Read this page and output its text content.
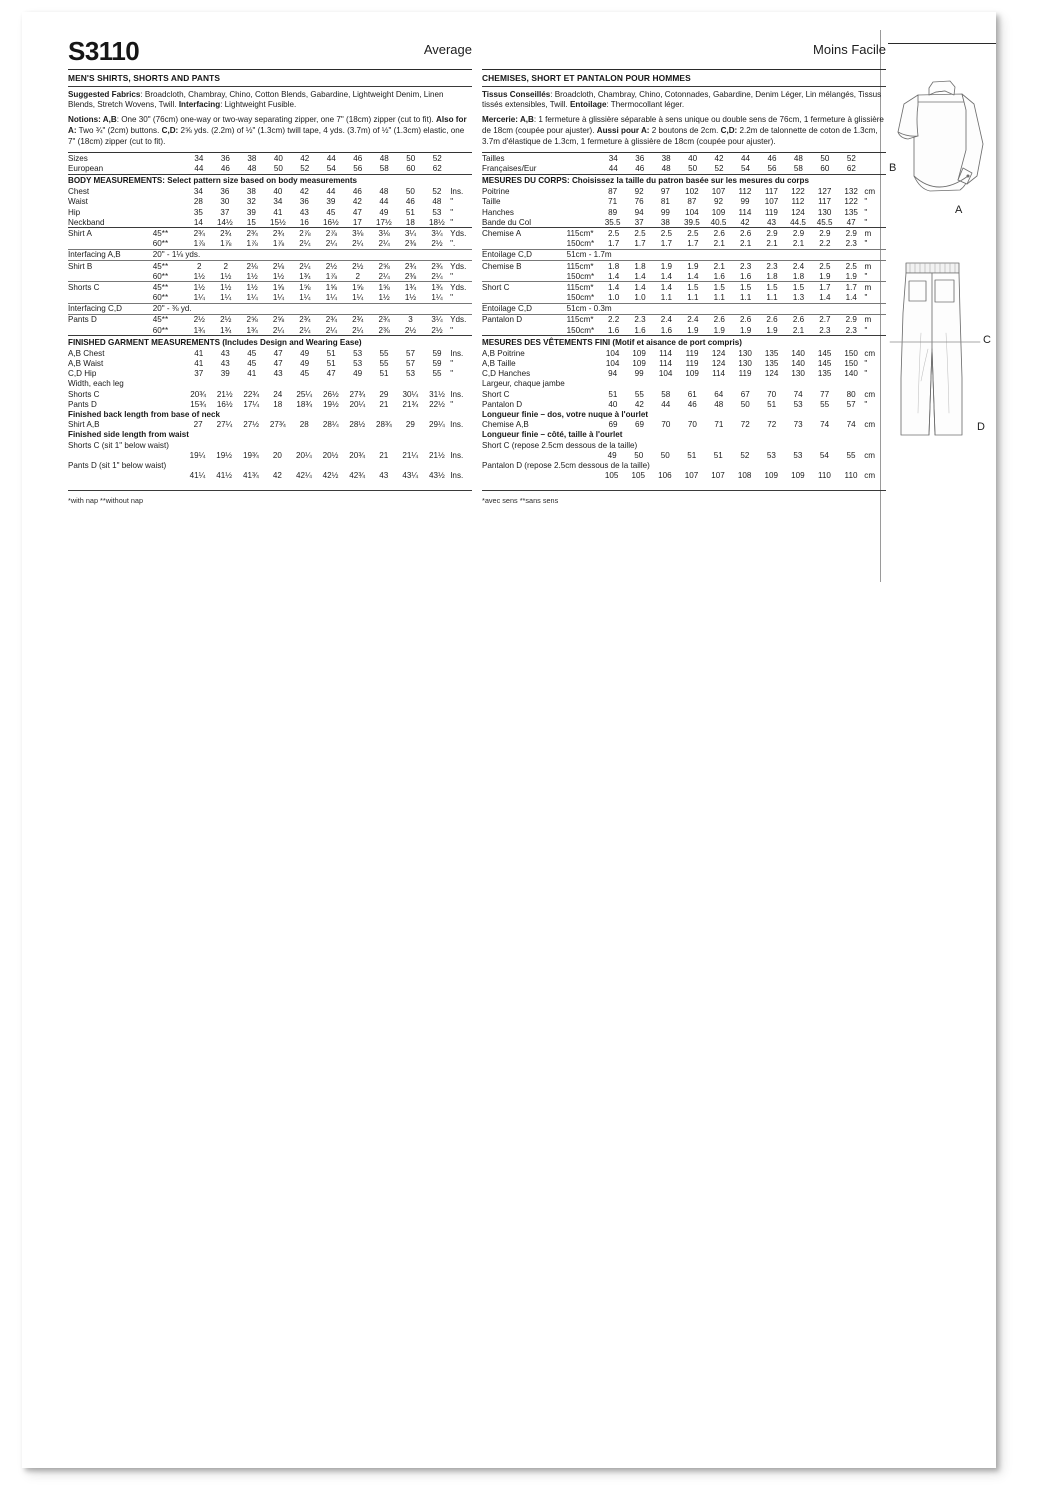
S3110	Average
MEN'S SHIRTS, SHORTS AND PANTS
Suggested Fabrics: Broadcloth, Chambray, Chino, Cotton Blends, Gabardine, Lightweight Denim, Linen Blends, Stretch Wovens, Twill. Interfacing: Lightweight Fusible.
Notions: A,B: One 30" (76cm) one-way or two-way separating zipper, one 7" (18cm) zipper (cut to fit). Also for A: Two ¾" (2cm) buttons. C,D: 2⅝ yds. (2.2m) of ½" (1.3cm) twill tape, 4 yds. (3.7m) of ½" (1.3cm) elastic, one 7" (18cm) zipper (cut to fit).
Sizes		34	36	38	40	42	44	46	48	50	52	
European		44	46	48	50	52	54	56	58	60	62	
BODY MEASUREMENTS: Select pattern size based on body measurements
Chest		34	36	38	40	42	44	46	48	50	52	Ins.
Waist		28	30	32	34	36	39	42	44	46	48	"
Hip		35	37	39	41	43	45	47	49	51	53	"
Neckband		14	14½	15	15½	16	16½	17	17½	18	18½	"
Shirt A	45**	2¾	2¾	2¾	2¾	2⅞	2⅞	3⅛	3⅛	3¼	3¼	Yds.
	60**	1⅞	1⅞	1⅞	1⅞	2¼	2¼	2¼	2¼	2⅜	2½	".
Interfacing A,B	20" - 1⅛ yds.											
Shirt B	45**	2	2	2⅛	2⅛	2¼	2½	2½	2⅝	2¾	2¾	Yds.
	60**	1½	1½	1½	1½	1¾	1⅞	2	2¼	2⅜	2¼	"
Shorts C	45**	1½	1½	1½	1⅝	1⅝	1⅝	1⅝	1⅝	1¾	1¾	Yds.
	60**	1¼	1¼	1¼	1¼	1¼	1¼	1¼	1½	1½	1¼	"
Interfacing C,D	20" - ⅜ yd.											
Pants D	45**	2½	2½	2⅝	2⅝	2¾	2¾	2¾	2¾	3	3¼	Yds.
	60**	1¾	1¾	1¾	2¼	2¼	2¼	2¼	2⅜	2½	2½	"
FINISHED GARMENT MEASUREMENTS (Includes Design and Wearing Ease)
A,B Chest		41	43	45	47	49	51	53	55	57	59	Ins.
A,B Waist		41	43	45	47	49	51	53	55	57	59	"
C,D Hip		37	39	41	43	45	47	49	51	53	55	"
Width, each leg
Shorts C		20¾	21½	22¾	24	25¼	26½	27¾	29	30¼	31½	Ins.
Pants D		15¾	16½	17¼	18	18¾	19½	20¼	21	21¾	22½	"
Finished back length from base of neck
Shirt A,B		27	27¼	27½	27¾	28	28¼	28½	28¾	29	29¼	Ins.
Finished side length from waist
Shorts C (sit 1" below waist)
		19¼	19½	19¾	20	20¼	20½	20¾	21	21¼	21½	Ins.
Pants D (sit 1" below waist)
		41¼	41½	41¾	42	42¼	42½	42¾	43	43¼	43½	Ins.
*with nap **without nap
Moins Facile
CHEMISES, SHORT ET PANTALON POUR HOMMES
Tissus Conseillés: Broadcloth, Chambray, Chino, Cotonnades, Gabardine, Denim Léger, Lin mélangés, Tissus tissés extensibles, Twill. Entoilage: Thermocollant léger.
Mercerie: A,B: 1 fermeture à glissière séparable à sens unique ou double sens de 76cm, 1 fermeture à glissière de 18cm (coupée pour ajuster). Aussi pour A: 2 boutons de 2cm. C,D: 2.2m de talonnette de coton de 1.3cm, 3.7m d'élastique de 1.3cm, 1 fermeture à glissière de 18cm (coupée pour ajuster).
Tailles		34	36	38	40	42	44	46	48	50	52	
Françaises/Eur		44	46	48	50	52	54	56	58	60	62	
MESURES DU CORPS: Choisissez la taille du patron basée sur les mesures du corps
Poitrine		87	92	97	102	107	112	117	122	127	132	cm
Taille		71	76	81	87	92	99	107	112	117	122	"
Hanches		89	94	99	104	109	114	119	124	130	135	"
Bande du Col		35.5	37	38	39.5	40.5	42	43	44.5	45.5	47	"
Chemise A	115cm*	2.5	2.5	2.5	2.5	2.6	2.6	2.9	2.9	2.9	2.9	m
	150cm*	1.7	1.7	1.7	1.7	2.1	2.1	2.1	2.1	2.2	2.3	"
Entoilage C,D	51cm - 1.7m											
Chemise B	115cm*	1.8	1.8	1.9	1.9	2.1	2.3	2.3	2.4	2.5	2.5	m
	150cm*	1.4	1.4	1.4	1.4	1.6	1.6	1.8	1.8	1.9	1.9	"
Short C	115cm*	1.4	1.4	1.4	1.5	1.5	1.5	1.5	1.5	1.7	1.7	m
	150cm*	1.0	1.0	1.1	1.1	1.1	1.1	1.1	1.3	1.4	1.4	"
Entoilage C,D	51cm - 0.3m											
Pantalon D	115cm*	2.2	2.3	2.4	2.4	2.6	2.6	2.6	2.6	2.7	2.9	m
	150cm*	1.6	1.6	1.6	1.9	1.9	1.9	1.9	2.1	2.3	2.3	"
MESURES DES VÊTEMENTS FINI (Motif et aisance de port compris)
A,B Poitrine		104	109	114	119	124	130	135	140	145	150	cm
A,B Taille		104	109	114	119	124	130	135	140	145	150	"
C,D Hanches		94	99	104	109	114	119	124	130	135	140	"
Largeur, chaque jambe
Short C		51	55	58	61	64	67	70	74	77	80	cm
Pantalon D		40	42	44	46	48	50	51	53	55	57	"
Longueur finie – dos, votre nuque à l'ourlet
Chemise A,B		69	69	70	70	71	72	72	73	74	74	cm
Longueur finie – côté, taille à l'ourlet
Short C (repose 2.5cm dessous de la taille)
		49	50	50	51	51	52	53	53	54	55	cm
Pantalon D (repose 2.5cm dessous de la taille)
		105	105	106	107	107	108	109	109	110	110	cm
*avec sens **sans sens
B
A
C
D
